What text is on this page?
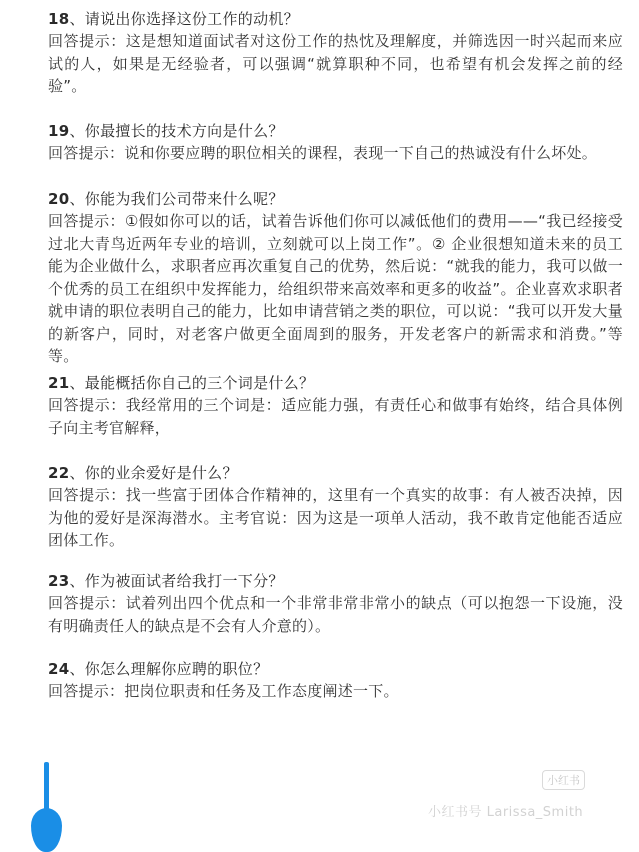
18、请说出你选择这份工作的动机？

回答提示：这是想知道面试者对这份工作的热忱及理解度，并筛选因一时兴起而来应试的人，如果是无经验者，可以强调“就算职种不同，也希望有机会发挥之前的经验”。

19、你最擅长的技术方向是什么？

回答提示：说和你要应聘的职位相关的课程，表现一下自己的热诚没有什么坏处。

20、你能为我们公司带来什么呢？

回答提示：①假如你可以的话，试着告诉他们你可以减低他们的费用——“我已经接受过北大青鸟近两年专业的培训，立刻就可以上岗工作”。② 企业很想知道未来的员工能为企业做什么，求职者应再次重复自己的优势，然后说：“就我的能力，我可以做一个优秀的员工在组织中发挥能力，给组织带来高效率和更多的收益”。企业喜欢求职者就申请的职位表明自己的能力，比如申请营销之类的职位，可以说：“我可以开发大量的新客户，同时，对老客户做更全面周到的服务，开发老客户的新需求和消费。”等等。

21、最能概括你自己的三个词是什么？

回答提示：我经常用的三个词是：适应能力强，有责任心和做事有始终，结合具体例子向主考官解释，

22、你的业余爱好是什么？

回答提示：找一些富于团体合作精神的，这里有一个真实的故事：有人被否决掉，因为他的爱好是深海潜水。主考官说：因为这是一项单人活动，我不敢肯定他能否适应团体工作。

23、作为被面试者给我打一下分？

回答提示：试着列出四个优点和一个非常非常非常小的缺点（可以抱怨一下设施，没有明确责任人的缺点是不会有人介意的）。

24、你怎么理解你应聘的职位？

回答提示：把岗位职责和任务及工作态度阐述一下。

小红书
小红书号 Larissa_Smith
